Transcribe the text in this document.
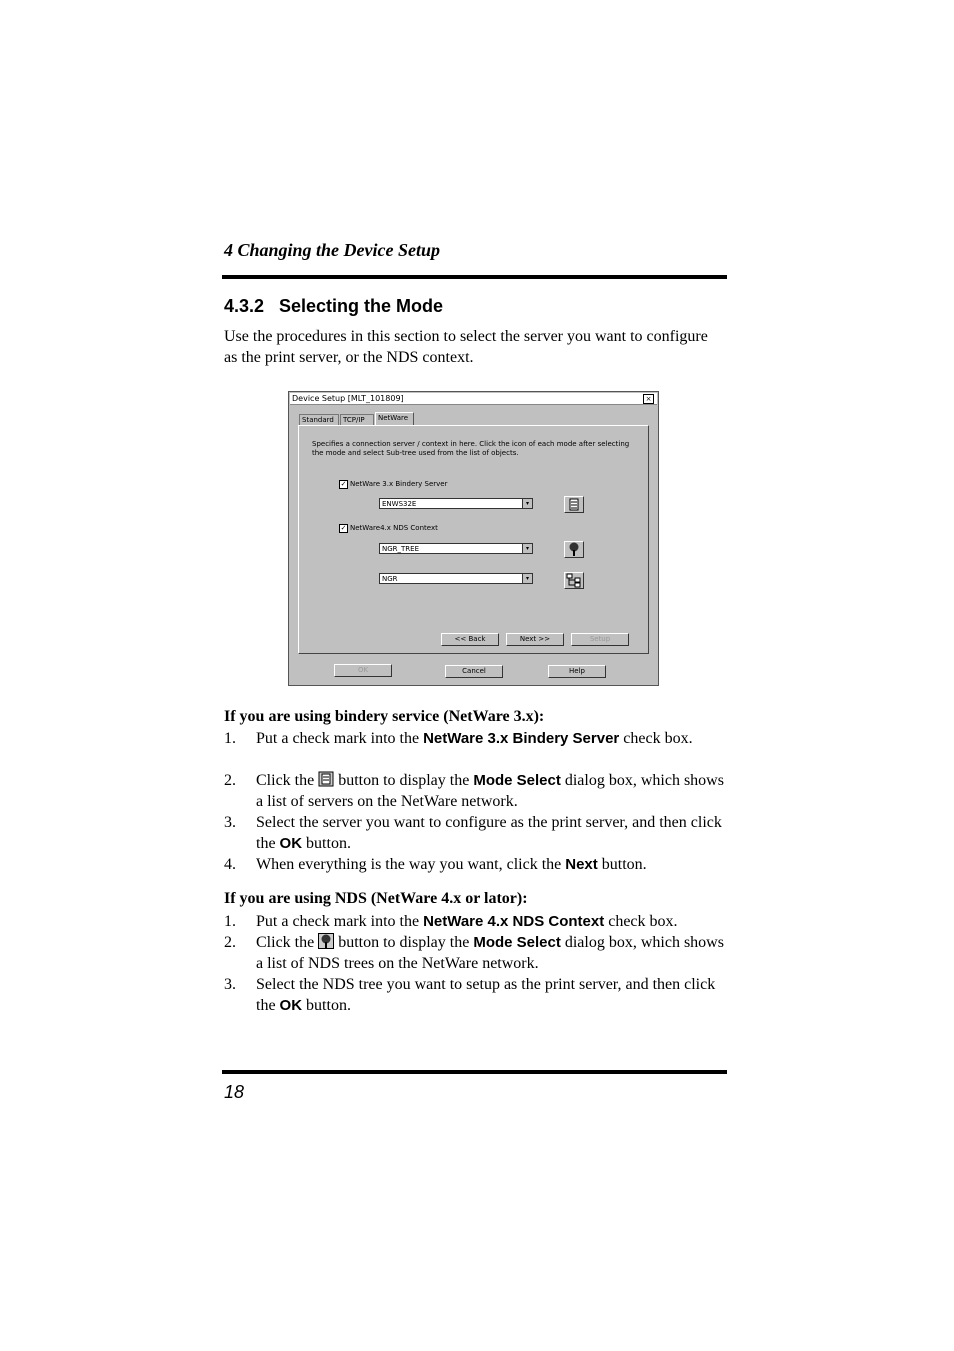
4 Changing the Device Setup
4.3.2 Selecting the Mode
Use the procedures in this section to select the server you want to configure as the print server, or the NDS context.
Device Setup [MLT_101809]	×
Standard	TCP/IP	NetWare
Specifies a connection server / context in here. Click the icon of each mode after selecting the mode and select Sub-tree used from the list of objects.
✓ NetWare 3.x Bindery Server
ENWS32E	▾
✓ NetWare4.x NDS Context
NGR_TREE	▾
NGR	▾
<< Back	Next >>	Setup
OK	Cancel	Help
If you are using bindery service (NetWare 3.x):
1. Put a check mark into the NetWare 3.x Bindery Server check box.
2. Click the  button to display the Mode Select dialog box, which shows a list of servers on the NetWare network.
3. Select the server you want to configure as the print server, and then click the OK button.
4. When everything is the way you want, click the Next button.
If you are using NDS (NetWare 4.x or lator):
1. Put a check mark into the NetWare 4.x NDS Context check box.
2. Click the  button to display the Mode Select dialog box, which shows a list of NDS trees on the NetWare network.
3. Select the NDS tree you want to setup as the print server, and then click the OK button.
18
